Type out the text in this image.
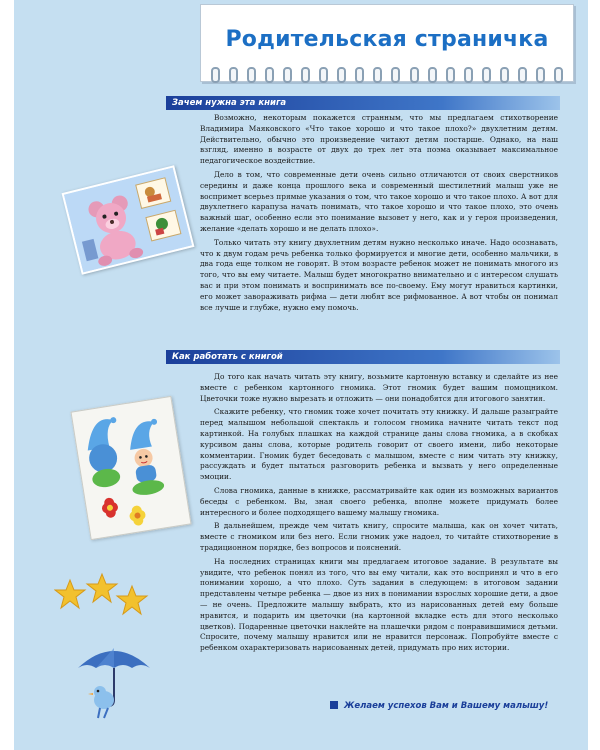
Родительская страничка
Зачем нужна эта книга

Возможно, некоторым покажется странным, что мы предлагаем стихотворение Владимира Маяковского «Что такое хорошо и что такое плохо?» двухлетним детям. Действительно, обычно это произведение читают детям постарше. Однако, на наш взгляд, именно в возрасте от двух до трех лет эта поэма оказывает максимальное педагогическое воздействие.

Дело в том, что современные дети очень сильно отличаются от своих сверстников середины и даже конца прошлого века и современный шестилетний малыш уже не воспримет всерьез прямые указания о том, что такое хорошо и что такое плохо. А вот для двухлетнего карапуза начать понимать, что такое хорошо и что такое плохо, это очень важный шаг, особенно если это понимание вызовет у него, как и у героя произведения, желание «делать хорошо и не делать плохо».

Только читать эту книгу двухлетним детям нужно несколько иначе. Надо осознавать, что к двум годам речь ребенка только формируется и многие дети, особенно мальчики, в два года еще толком не говорят. В этом возрасте ребенок может не понимать многого из того, что вы ему читаете. Малыш будет многократно внимательно и с интересом слушать вас и при этом понимать и воспринимать все по-своему. Ему могут нравиться картинки, его может завораживать рифма — дети любят все рифмованное. А вот чтобы он понимал все лучше и глубже, нужно ему помочь.

Как работать с книгой

До того как начать читать эту книгу, возьмите картонную вставку и сделайте из нее вместе с ребенком картонного гномика. Этот гномик будет вашим помощником. Цветочки тоже нужно вырезать и отложить — они понадобятся для итогового занятия.

Скажите ребенку, что гномик тоже хочет почитать эту книжку. И дальше разыграйте перед малышом небольшой спектакль и голосом гномика начните читать текст под картинкой. На голубых плашках на каждой странице даны слова гномика, а в скобках курсивом даны слова, которые родитель говорит от своего имени, либо некоторые комментарии. Гномик будет беседовать с малышом, вместе с ним читать эту книжку, рассуждать и будет пытаться разговорить ребенка и вызвать у него определенные эмоции.

Слова гномика, данные в книжке, рассматривайте как один из возможных вариантов беседы с ребенком. Вы, зная своего ребенка, вполне можете придумать более интересного и более подходящего вашему малышу гномика.

В дальнейшем, прежде чем читать книгу, спросите малыша, как он хочет читать, вместе с гномиком или без него. Если гномик уже надоел, то читайте стихотворение в традиционном порядке, без вопросов и пояснений.

На последних страницах книги мы предлагаем итоговое задание. В результате вы увидите, что ребенок понял из того, что вы ему читали, как это воспринял и что в его понимании хорошо, а что плохо. Суть задания в следующем: в итоговом задании представлены четыре ребенка — двое из них в понимании взрослых хорошие дети, а двое — не очень. Предложите малышу выбрать, кто из нарисованных детей ему больше нравится, и подарить им цветочки (на картонной вкладке есть для этого несколько цветков). Подаренные цветочки наклейте на плашечки рядом с понравившимися детьми. Спросите, почему малышу нравится или не нравится персонаж. Попробуйте вместе с ребенком охарактеризовать нарисованных детей, придумать про них истории.

Желаем успехов Вам и Вашему малышу!
